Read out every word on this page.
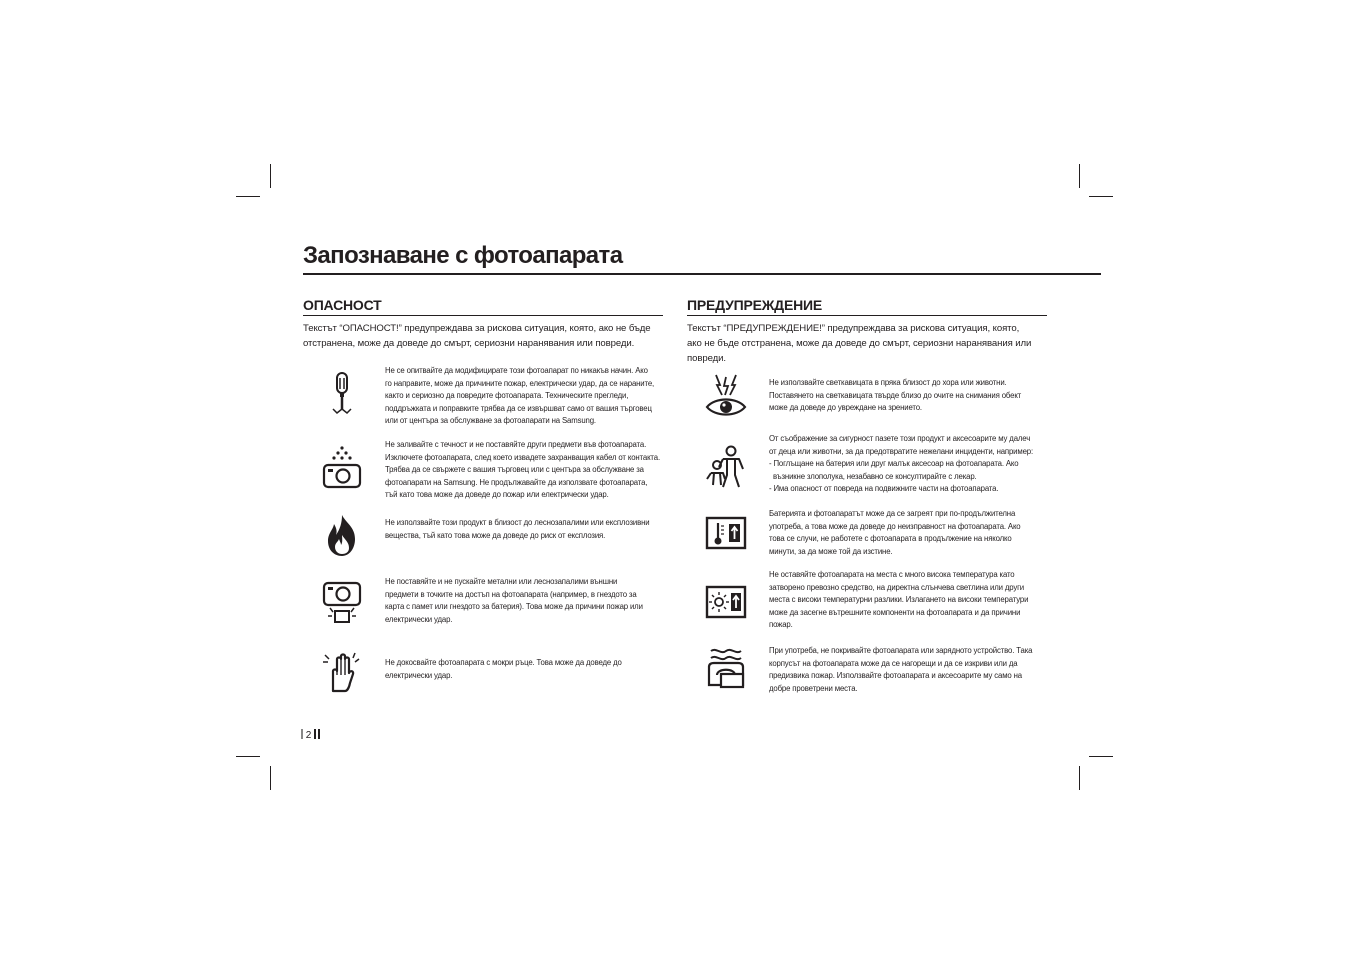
Запознаване с фотоапарата
ОПАСНОСТ
Текстът “ОПАСНОСТ!” предупреждава за рискова ситуация, която, ако не бъде
отстранена, може да доведе до смърт, сериозни наранявания или повреди.
Не се опитвайте да модифицирате този фотоапарат по никакъв начин. Ако
го направите, може да причините пожар, електрически удар, да се нараните,
както и сериозно да повредите фотоапарата. Техническите прегледи,
поддръжката и поправките трябва да се извършват само от вашия търговец
или от центъра за обслужване за фотоапарати на Samsung.
Не заливайте с течност и не поставяйте други предмети във фотоапарата.
Изключете фотоапарата, след което извадете захранващия кабел от контакта.
Трябва да се свържете с вашия търговец или с центъра за обслужване за
фотоапарати на Samsung. Не продължавайте да използвате фотоапарата,
тъй като това може да доведе до пожар или електрически удар.
Не използвайте този продукт в близост до леснозапалими или експлозивни
вещества, тъй като това може да доведе до риск от експлозия.
Не поставяйте и не пускайте метални или леснозапалими външни
предмети в точките на достъп на фотоапарата (например, в гнездото за
карта с памет или гнездото за батерия). Това може да причини пожар или
електрически удар.
Не докосвайте фотоапарата с мокри ръце. Това може да доведе до
електрически удар.
ПРЕДУПРЕЖДЕНИЕ
Текстът “ПРЕДУПРЕЖДЕНИЕ!” предупреждава за рискова ситуация, която,
ако не бъде отстранена, може да доведе до смърт, сериозни наранявания или
повреди.
Не използвайте светкавицата в пряка близост до хора или животни.
Поставянето на светкавицата твърде близо до очите на снимания обект
може да доведе до увреждане на зрението.
От съображение за сигурност пазете този продукт и аксесоарите му далеч
от деца или животни, за да предотвратите нежелани инциденти, например:
- Поглъщане на батерия или друг малък аксесоар на фотоапарата. Ако
възникне злополука, незабавно се консултирайте с лекар.
- Има опасност от повреда на подвижните части на фотоапарата.
Батерията и фотоапаратът може да се загреят при по-продължителна
употреба, а това може да доведе до неизправност на фотоапарата. Ако
това се случи, не работете с фотоапарата в продължение на няколко
минути, за да може той да изстине.
Не оставяйте фотоапарата на места с много висока температура като
затворено превозно средство, на директна слънчева светлина или други
места с високи температурни разлики. Излагането на високи температури
може да засегне вътрешните компоненти на фотоапарата и да причини
пожар.
При употреба, не покривайте фотоапарата или зарядното устройство. Така
корпусът на фотоапарата може да се нагорещи и да се изкриви или да
предизвика пожар. Използвайте фотоапарата и аксесоарите му само на
добре проветрени места.
2
